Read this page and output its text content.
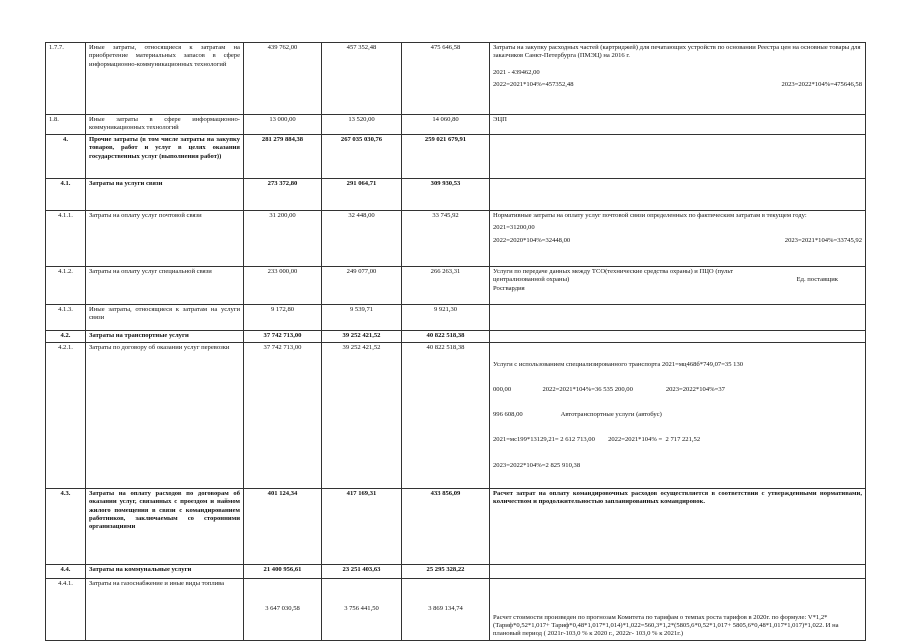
1.7.7.	Иные затраты, относящиеся к затратам на приобретение материальных запасов в сфере информационно-коммуникационных технологий	439 762,00	457 352,48	475 646,58	Затраты на закупку расходных частей (картриджей) для печатающих устройств по основании Реестра цен на основные товары для заказчиков Санкт-Петербурга (ПМЭЦ) на 2016 г.
2021 - 439462,00
2022=2021*104%=457352,48 2023=2022*104%=475646,58

1.8.	Иные затраты в сфере информационно-коммуникационных технологий	13 000,00	13 520,00	14 060,80	ЭЦП
4.	Прочие затраты (в том числе затраты на закупку товаров, работ и услуг в целях оказания государственных услуг (выполнения работ))	281 279 884,38	267 035 030,76	259 021 679,91	
4.1.	Затраты на услуги связи	273 372,80	291 064,71	309 930,53	
4.1.1.	Затраты на оплату услуг почтовой связи	31 200,00	32 448,00	33 745,92	Нормативные затраты на оплату услуг почтовой связи определенных по фактическим затратам в текущем году:
2021=31200,00
2022=2020*104%=32448,00 2023=2021*104%=33745,92

4.1.2.	Затраты на оплату услуг специальной связи	233 000,00	249 077,00	266 263,31	Услуги по передаче данных между ТСО(технические средства охраны) и ПЦО (пульт
централизованной охраны) Ед. поставщик
Росгвардия

4.1.3.	Иные затраты, относящиеся к затратам на услуги связи	9 172,80	9 539,71	9 921,30	
4.2.	Затраты на транспортные услуги	37 742 713,00	39 252 421,52	40 822 518,38	
4.2.1.	Затраты по договору об оказании услуг перевозки	37 742 713,00	39 252 421,52	40 822 518,38	Услуги с использованием специализированного транспорта 2021=мц468б*749,07=35 130

000,00                   2022=2021*104%=36 535 200,00                    2023=2022*104%=37

996 608,00                       Автотранспортные услуги (автобус)

2021=мс199*13129,21= 2 612 713,00        2022=2021*104% =  2 717 221,52

2023=2022*104%=2 825 910,38

4.3.	Затраты на оплату расходов по договорам об оказании услуг, связанных с проездом и наймом жилого помещения в связи с командированием работников, заключаемым со сторонними организациями	401 124,34	417 169,31	433 856,09	Расчет затрат на оплату командировочных расходов осуществляется в соответствии с утвержденными нормативами, количеством и продолжительностью запланированных командировок.
4.4.	Затраты на коммунальные услуги	21 400 956,61	23 251 403,63	25 295 328,22	
4.4.1.	Затраты на газоснабжение и иные виды топлива	3 647 030,58	3 756 441,50	3 869 134,74	Расчет стоимости произведен по прогнозам Комитета по тарифам о темпах роста тарифов в 2020г. по формуле: V*1,2*(Тариф*0,52*1,017+ Тариф*0,48*1,017*1,014)*1,022=560,3*1,2*(5805,6*0,52*1,017+ 5805,6*0,48*1,017*1,017)*1,022. И на плановый период ( 2021г-103,0 % к 2020 г., 2022г- 103,0 % к 2021г.)
